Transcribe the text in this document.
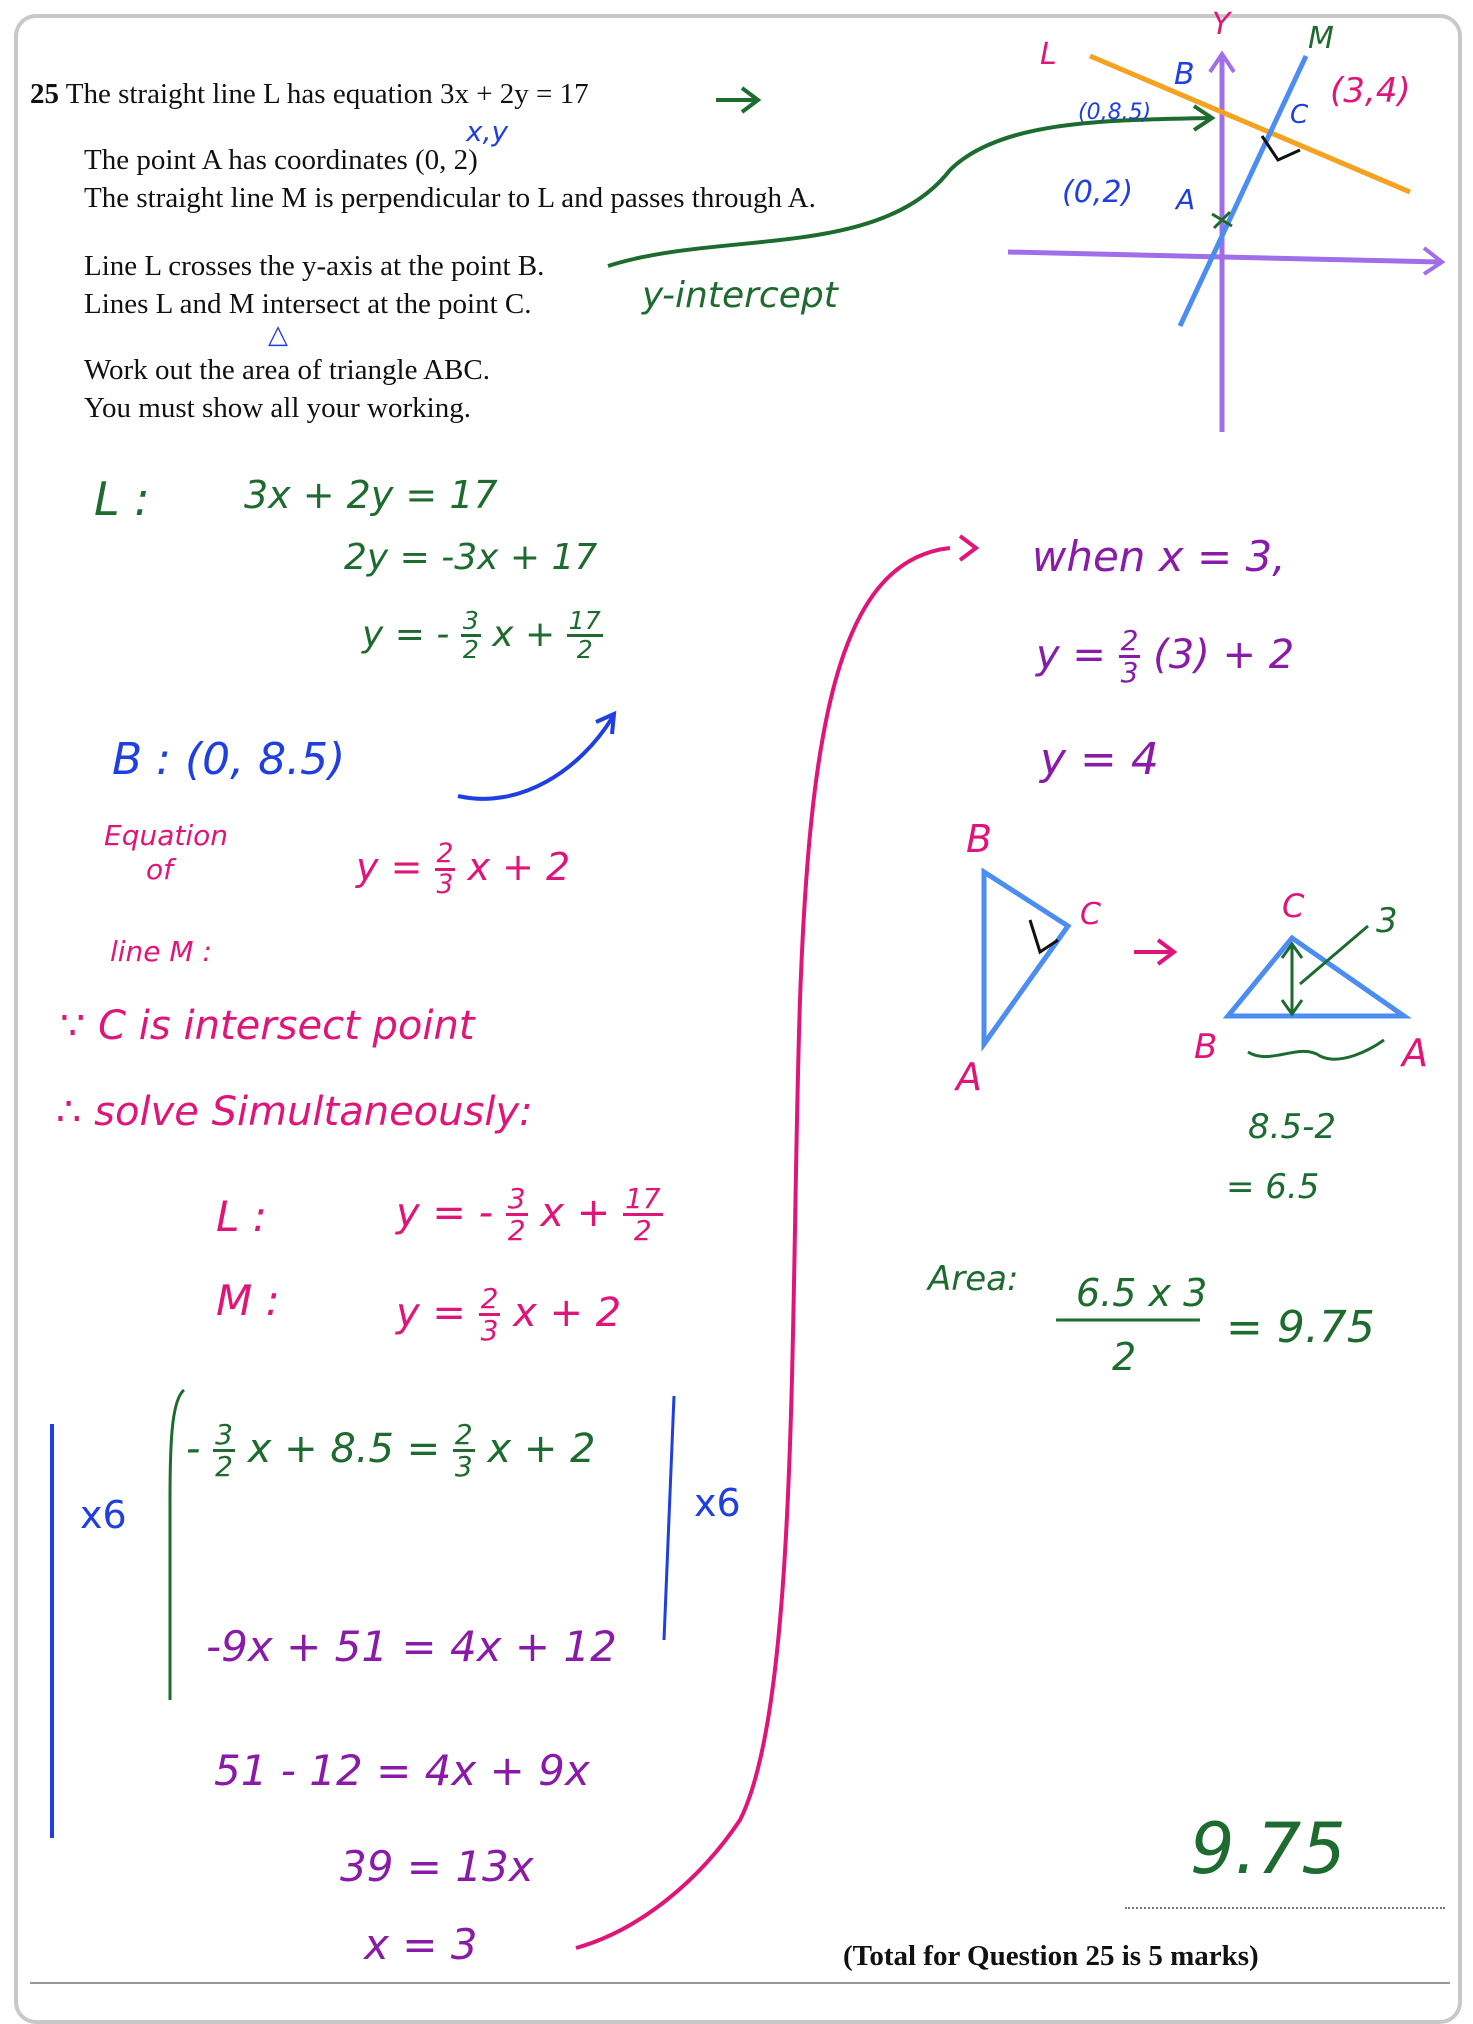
25 The straight line L has equation 3x + 2y = 17
The point A has coordinates (0, 2)
The straight line M is perpendicular to L and passes through A.
Line L crosses the y-axis at the point B.
Lines L and M intersect at the point C.
Work out the area of triangle ABC.
You must show all your working.
(Total for Question 25 is 5 marks)
x,y
y-intercept
△
L
Y	M
B
C
A
(0,8.5)
(3,4)
(0,2)
L : 3x + 2y = 17
2y = -3x + 17
y = - $\frac{3}{2}$ $x + \frac{17}{2}$
B : (0, 8.5)
Equation
of
line M :
$y = \frac{2}{3}$ x + 2
∵ C is intersect point
∴ solve Simultaneously:
L :	y = - $\frac{3}{2}$ $x + \frac{17}{2}$
M :	$y = \frac{2}{3}$ x + 2
x6	x6
- $\frac{3}{2}$ $x + 8.5 = \frac{2}{3}$ x + 2
-9x + 51 = 4x + 12
51 - 12 = 4x + 9x
39 = 13x
x = 3
when x = 3,
$y = \frac{2}{3} (3) + 2$
y = 4
B
C
A
C 3
B	A
8.5-2
= 6.5
Area: 6.5 x 3
2
= 9.75
9.75
